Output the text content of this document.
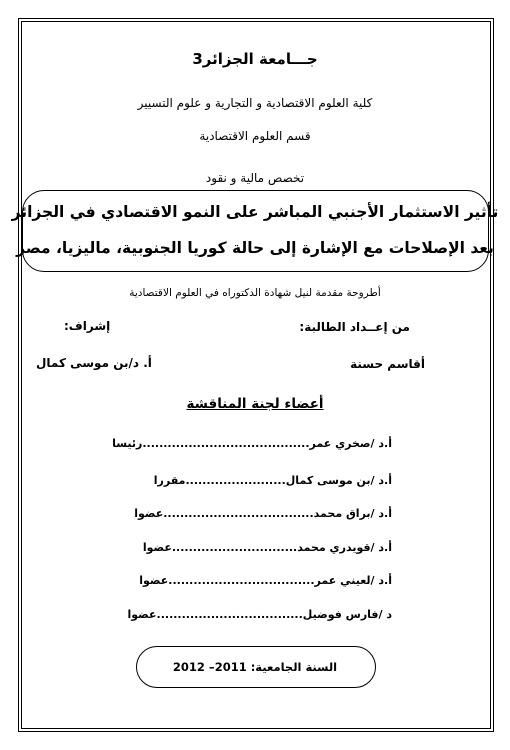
جـــامعة الجزائر3
كلية العلوم الاقتصادية و التجارية و علوم التسيير
قسم العلوم الاقتصادية
تخصص مالية و نقود
تأثير الاستثمار الأجنبي المباشر على النمو الاقتصادي في الجزائر
بعد الإصلاحات مع الإشارة إلى حالة كوريا الجنوبية، ماليزيا، مصر
أطروحة مقدمة لنيل شهادة الدكتوراه في العلوم الاقتصادية
من إعــداد الطالبة:
إشراف:
أقاسم حسنة
أ. د/بن موسى كمال
أعضاء لجنة المناقشة
أ.د /صخري عمر........................................رئيسا
أ.د /بن موسى كمال........................مقررا
أ.د /براق محمد....................................عضوا
أ.د /قويدري محمد..............................عضوا
أ.د /لعيني عمر...................................عضوا
د /فارس فوضيل...................................عضوا
السنة الجامعية: 2011– 2012
